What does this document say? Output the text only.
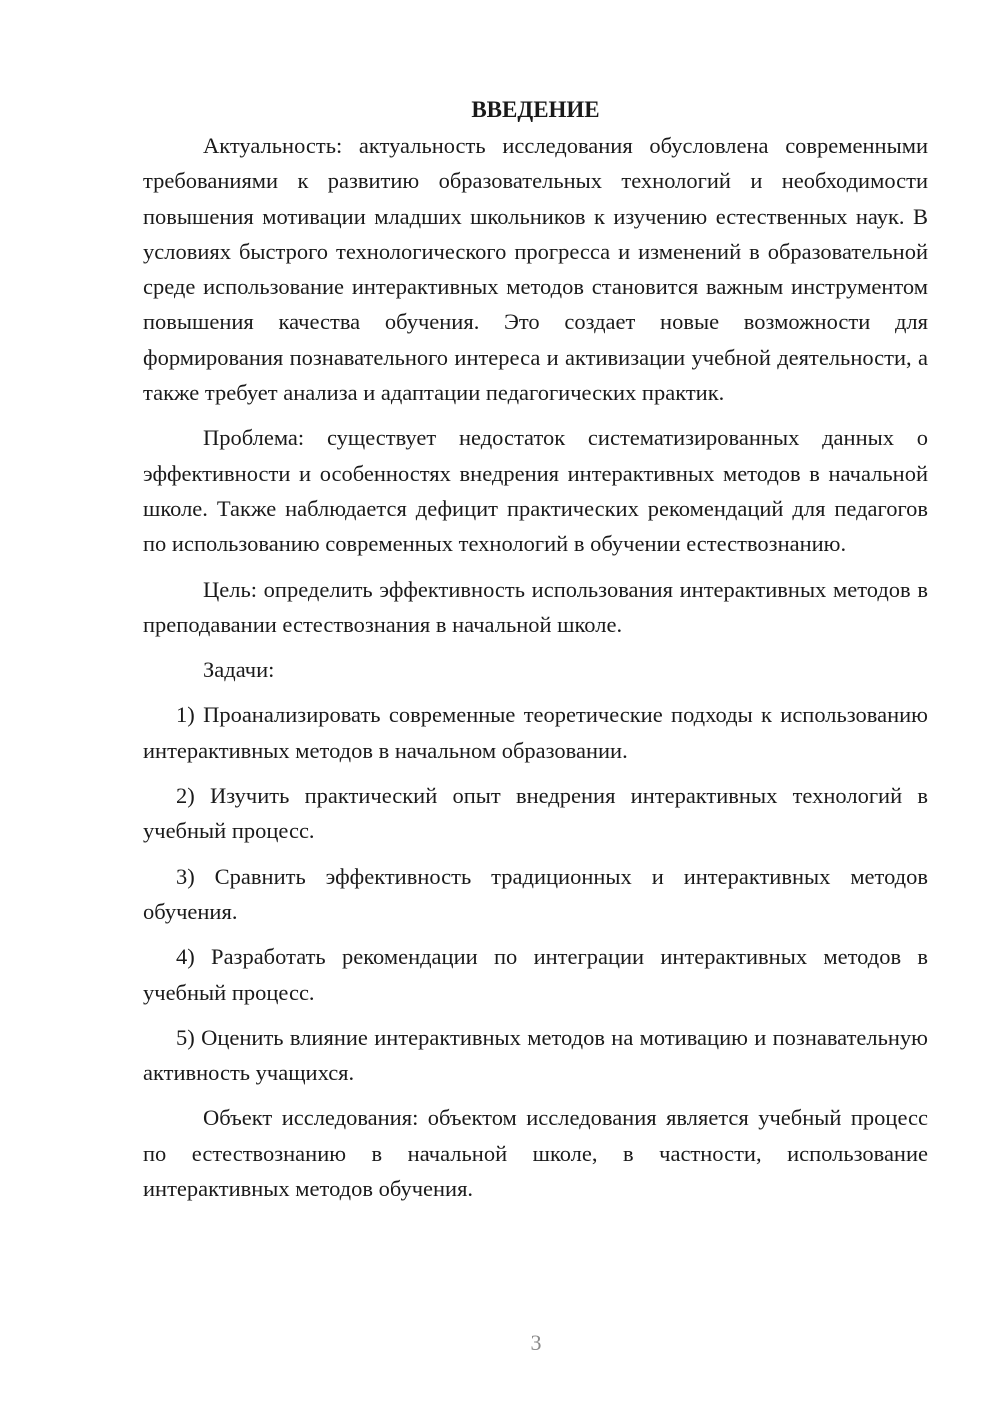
ВВЕДЕНИЕ

Актуальность: актуальность исследования обусловлена современными требованиями к развитию образовательных технологий и необходимости повышения мотивации младших школьников к изучению естественных наук. В условиях быстрого технологического прогресса и изменений в образовательной среде использование интерактивных методов становится важным инструментом повышения качества обучения. Это создает новые возможности для формирования познавательного интереса и активизации учебной деятельности, а также требует анализа и адаптации педагогических практик.

Проблема: существует недостаток систематизированных данных о эффективности и особенностях внедрения интерактивных методов в начальной школе. Также наблюдается дефицит практических рекомендаций для педагогов по использованию современных технологий в обучении естествознанию.

Цель: определить эффективность использования интерактивных методов в преподавании естествознания в начальной школе.

Задачи:

1) Проанализировать современные теоретические подходы к использованию интерактивных методов в начальном образовании.

2) Изучить практический опыт внедрения интерактивных технологий в учебный процесс.

3) Сравнить эффективность традиционных и интерактивных методов обучения.

4) Разработать рекомендации по интеграции интерактивных методов в учебный процесс.

5) Оценить влияние интерактивных методов на мотивацию и познавательную активность учащихся.

Объект исследования: объектом исследования является учебный процесс по естествознанию в начальной школе, в частности, использование интерактивных методов обучения.

3
